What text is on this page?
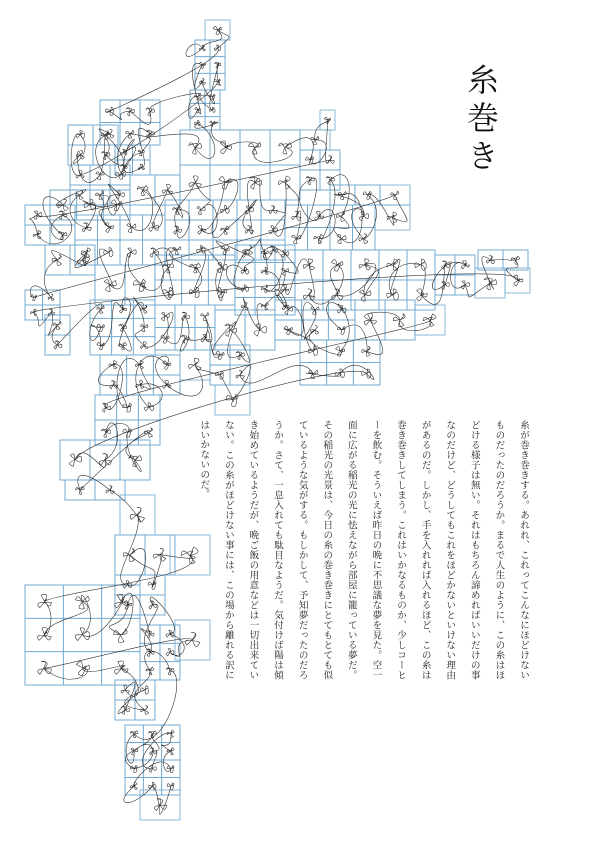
糸巻き
糸が巻き巻きする。あれれ、これってこんなにほどけないものだったのだろうか。まるで人生のように、この糸はほどける様子は無い。それはもちろん諦めればいいだけの事なのだけど、どうしてもこれをほどかないといけない理由があるのだ。しかし、手を入れれば入れるほど、この糸は巻き巻きしてしまう。これはいかなるものか、少しコーヒーを飲む。そういえば昨日の晩に不思議な夢を見た。空一面に広がる稲光の光に怯えながら部屋に籠っている夢だ。その稲光の光景は、今日の糸の巻き巻きにとてもとても似ているような気がする。もしかして、予知夢だったのだろうか。さて、一息入れても駄目なようだ。気付けば陽は傾き始めているようだが、晩ご飯の用意などは一切出来ていない。この糸がほどけない事には、この場から離れる訳にはいかないのだ。
